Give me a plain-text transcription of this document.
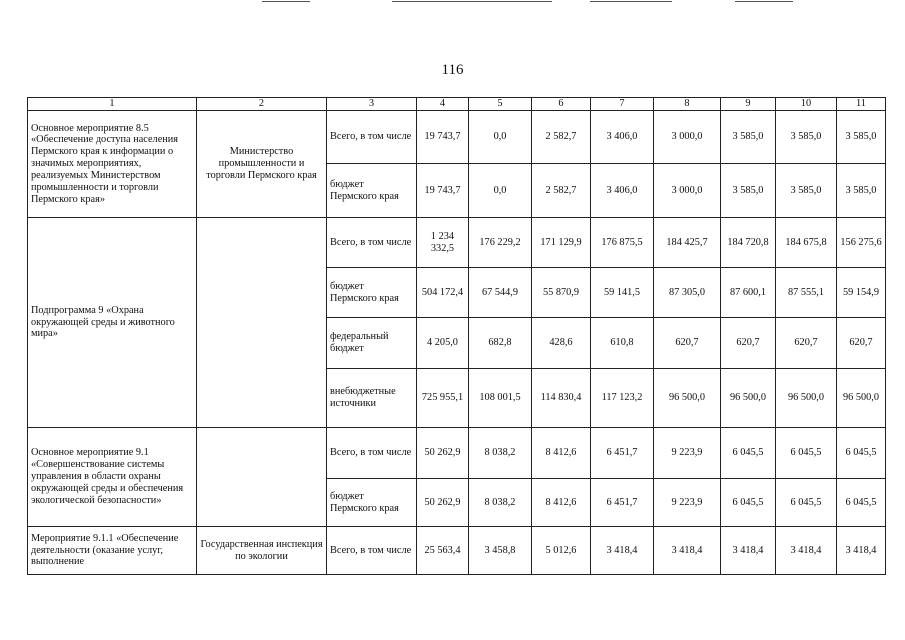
116
1	2	3	4	5	6	7	8	9	10	11
Основное мероприятие 8.5 «Обеспечение доступа населения Пермского края к информации о значимых мероприятиях, реализуемых Министерством промышленности и торговли Пермского края»	Министерство промышленности и торговли Пермского края	Всего, в том числе	19 743,7	0,0	2 582,7	3 406,0	3 000,0	3 585,0	3 585,0	3 585,0
		бюджет Пермского края	19 743,7	0,0	2 582,7	3 406,0	3 000,0	3 585,0	3 585,0	3 585,0
Подпрограмма 9 «Охрана окружающей среды и животного мира»		Всего, в том числе	1 234 332,5	176 229,2	171 129,9	176 875,5	184 425,7	184 720,8	184 675,8	156 275,6
		бюджет Пермского края	504 172,4	67 544,9	55 870,9	59 141,5	87 305,0	87 600,1	87 555,1	59 154,9
		федеральный бюджет	4 205,0	682,8	428,6	610,8	620,7	620,7	620,7	620,7
		внебюджетные источники	725 955,1	108 001,5	114 830,4	117 123,2	96 500,0	96 500,0	96 500,0	96 500,0
Основное мероприятие 9.1 «Совершенствование системы управления в области охраны окружающей среды и обеспечения экологической безопасности»		Всего, в том числе	50 262,9	8 038,2	8 412,6	6 451,7	9 223,9	6 045,5	6 045,5	6 045,5
		бюджет Пермского края	50 262,9	8 038,2	8 412,6	6 451,7	9 223,9	6 045,5	6 045,5	6 045,5
Мероприятие 9.1.1 «Обеспечение деятельности (оказание услуг, выполнение	Государственная инспекция по экологии	Всего, в том числе	25 563,4	3 458,8	5 012,6	3 418,4	3 418,4	3 418,4	3 418,4	3 418,4
